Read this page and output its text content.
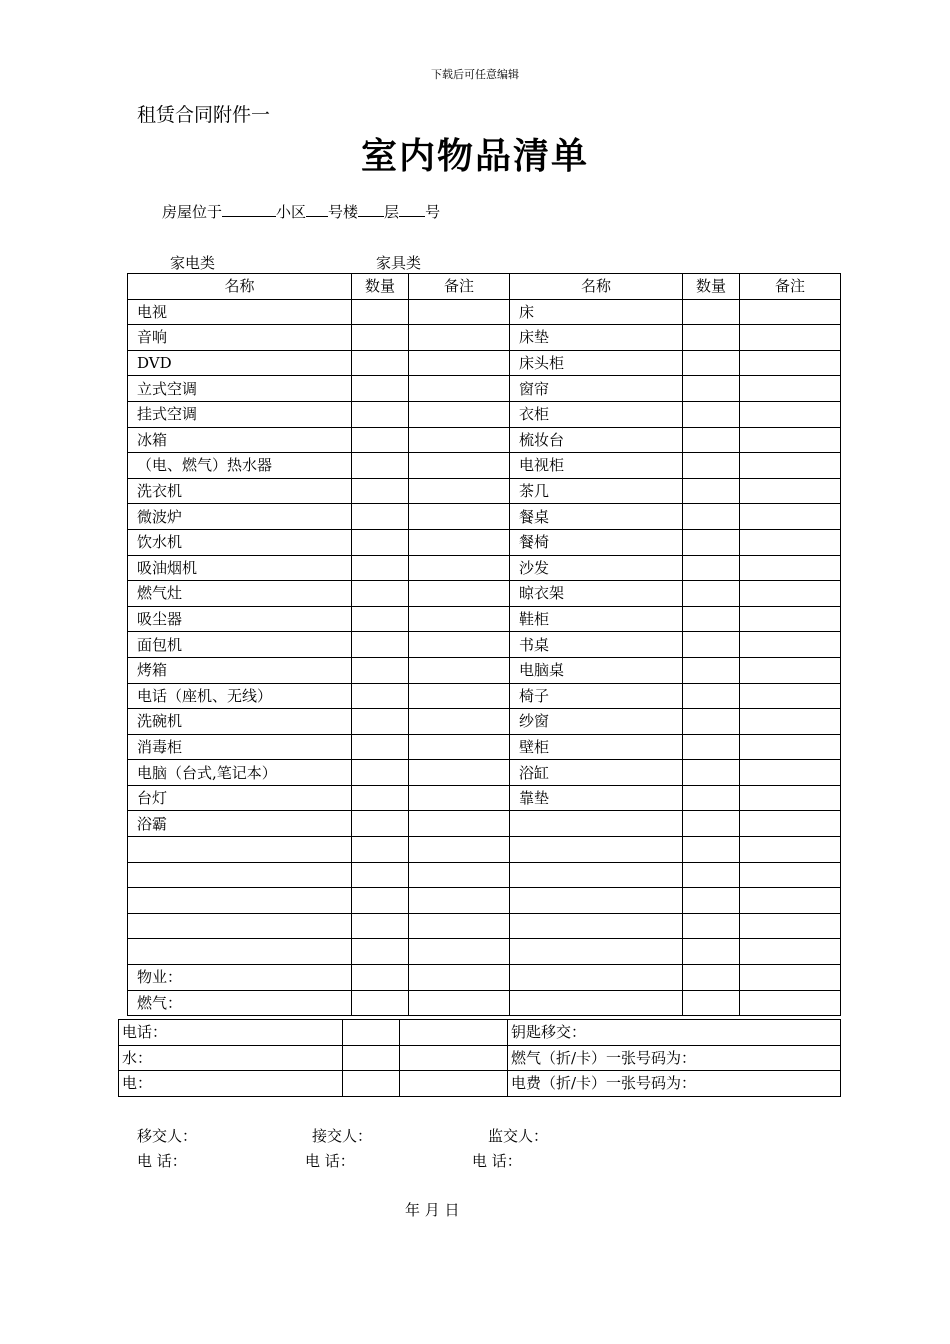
下载后可任意编辑
租赁合同附件一
室内物品清单
房屋位于	小区 号楼 层 号
家电类	家具类
名称	数量	备注	名称	数量	备注
电视			床		
音响			床垫		
DVD			床头柜		
立式空调			窗帘		
挂式空调			衣柜		
冰箱			梳妆台		
（电、燃气）热水器			电视柜		
洗衣机			茶几		
微波炉			餐桌		
饮水机			餐椅		
吸油烟机			沙发		
燃气灶			晾衣架		
吸尘器			鞋柜		
面包机			书桌		
烤箱			电脑桌		
电话（座机、无线）			椅子		
洗碗机			纱窗		
消毒柜			壁柜		
电脑（台式,笔记本）			浴缸		
台灯			靠垫		
浴霸					

物业：					
燃气：					
电话：			钥匙移交：
水：			燃气（折/卡）一张号码为：
电：			电费（折/卡）一张号码为：
移交人：	接交人：	监交人：
电 话：	电 话：	电 话：
年 月 日
